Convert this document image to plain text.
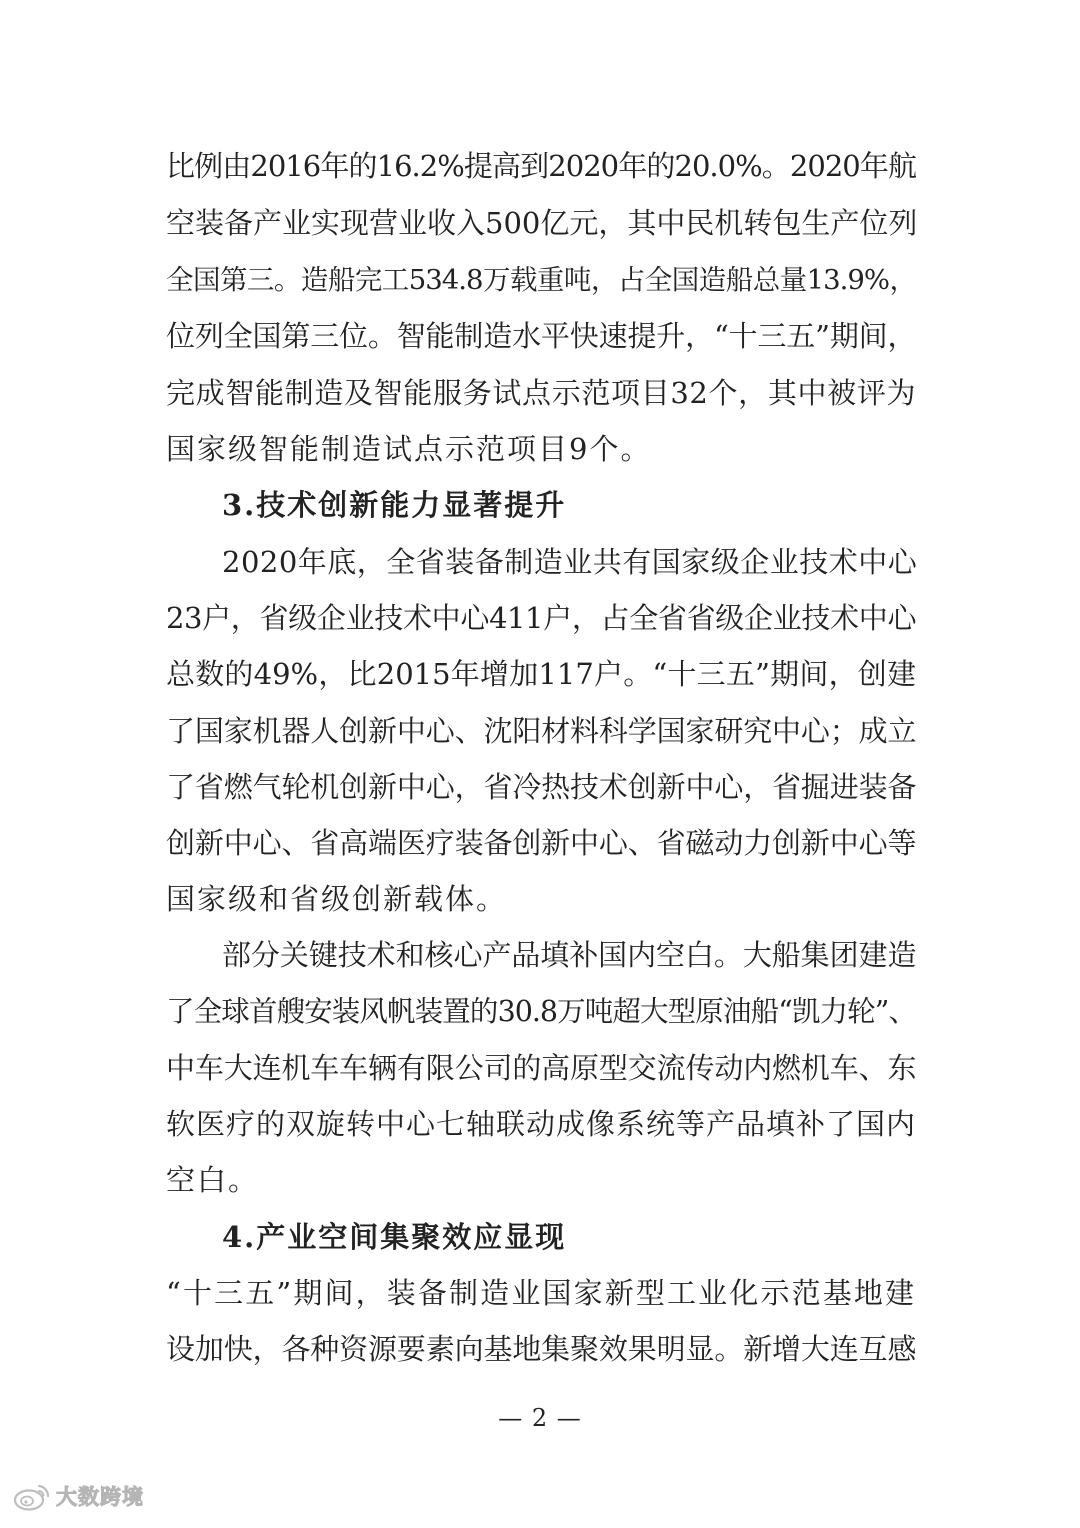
比例由2016年的16.2%提高到2020年的20.0%。2020年航
空装备产业实现营业收入500亿元，其中民机转包生产位列
全国第三。造船完工534.8万载重吨，占全国造船总量13.9%，
位列全国第三位。智能制造水平快速提升，“十三五”期间，
完成智能制造及智能服务试点示范项目32个，其中被评为
国家级智能制造试点示范项目9个。
3.技术创新能力显著提升
2020年底，全省装备制造业共有国家级企业技术中心
23户，省级企业技术中心411户，占全省省级企业技术中心
总数的49%，比2015年增加117户。“十三五”期间，创建
了国家机器人创新中心、沈阳材料科学国家研究中心；成立
了省燃气轮机创新中心，省冷热技术创新中心，省掘进装备
创新中心、省高端医疗装备创新中心、省磁动力创新中心等
国家级和省级创新载体。
部分关键技术和核心产品填补国内空白。大船集团建造
了全球首艘安装风帆装置的30.8万吨超大型原油船“凯力轮”、
中车大连机车车辆有限公司的高原型交流传动内燃机车、东
软医疗的双旋转中心七轴联动成像系统等产品填补了国内
空白。
4.产业空间集聚效应显现
“十三五”期间，装备制造业国家新型工业化示范基地建
设加快，各种资源要素向基地集聚效果明显。新增大连互感
— 2 —
大数跨境
